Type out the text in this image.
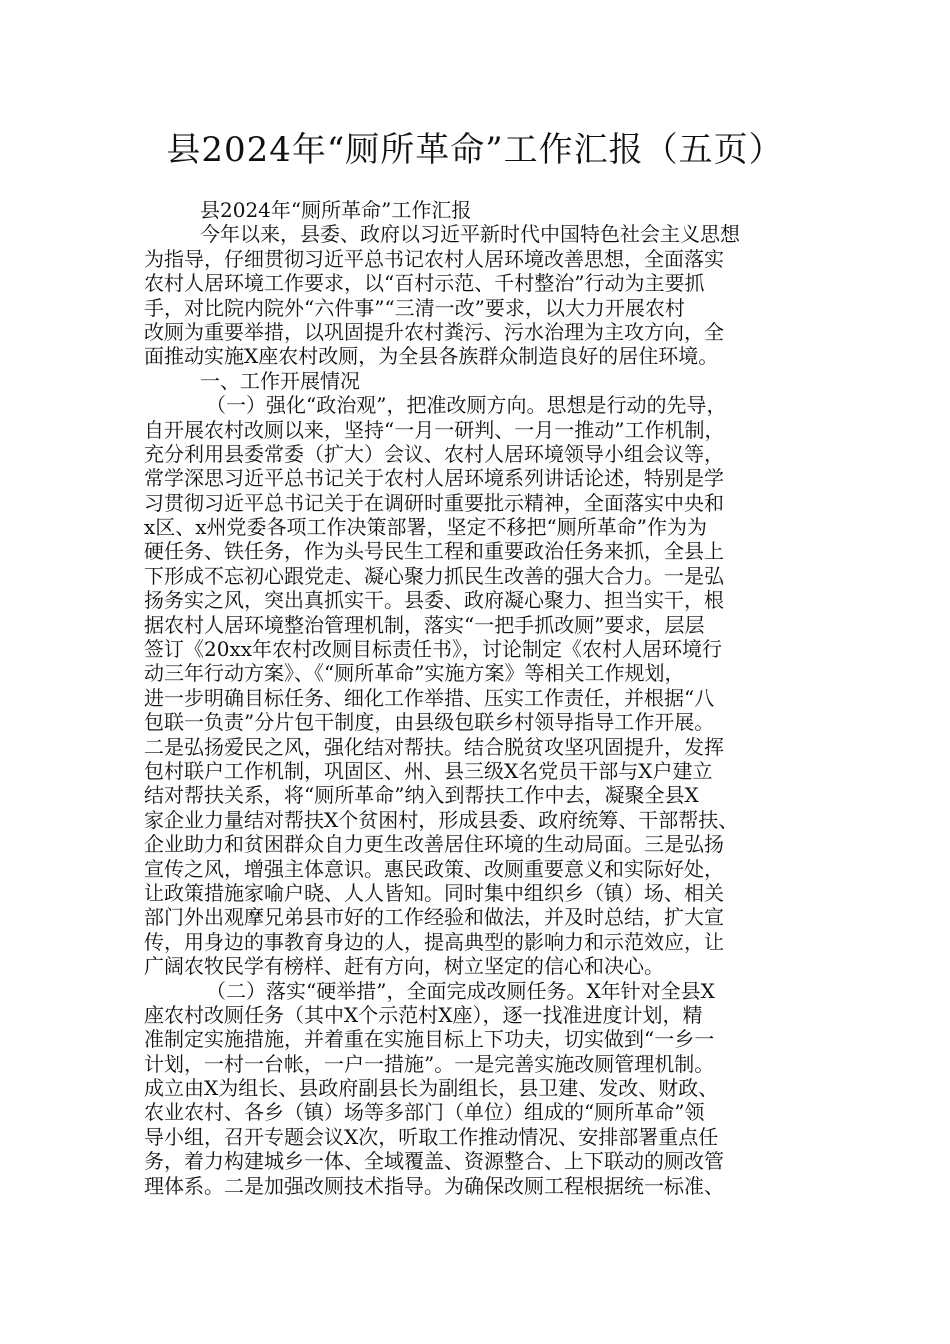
县2024年“厕所革命”工作汇报（五页）
县2024年“厕所革命”工作汇报
今年以来，县委、政府以习近平新时代中国特色社会主义思想
为指导，仔细贯彻习近平总书记农村人居环境改善思想，全面落实
农村人居环境工作要求，以“百村示范、千村整治”行动为主要抓
手，对比院内院外“六件事”“三清一改”要求，以大力开展农村
改厕为重要举措，以巩固提升农村粪污、污水治理为主攻方向，全
面推动实施X座农村改厕，为全县各族群众制造良好的居住环境。
一、工作开展情况
（一）强化“政治观”，把准改厕方向。思想是行动的先导，
自开展农村改厕以来，坚持“一月一研判、一月一推动”工作机制，
充分利用县委常委（扩大）会议、农村人居环境领导小组会议等，
常学深思习近平总书记关于农村人居环境系列讲话论述，特别是学
习贯彻习近平总书记关于在调研时重要批示精神，全面落实中央和
x区、x州党委各项工作决策部署，坚定不移把“厕所革命”作为为
硬任务、铁任务，作为头号民生工程和重要政治任务来抓，全县上
下形成不忘初心跟党走、凝心聚力抓民生改善的强大合力。一是弘
扬务实之风，突出真抓实干。县委、政府凝心聚力、担当实干，根
据农村人居环境整治管理机制，落实“一把手抓改厕”要求，层层
签订《20xx年农村改厕目标责任书》，讨论制定《农村人居环境行
动三年行动方案》、《“厕所革命”实施方案》等相关工作规划，
进一步明确目标任务、细化工作举措、压实工作责任，并根据“八
包联一负责”分片包干制度，由县级包联乡村领导指导工作开展。
二是弘扬爱民之风，强化结对帮扶。结合脱贫攻坚巩固提升，发挥
包村联户工作机制，巩固区、州、县三级X名党员干部与X户建立
结对帮扶关系，将“厕所革命”纳入到帮扶工作中去，凝聚全县X
家企业力量结对帮扶X个贫困村，形成县委、政府统筹、干部帮扶、
企业助力和贫困群众自力更生改善居住环境的生动局面。三是弘扬
宣传之风，增强主体意识。惠民政策、改厕重要意义和实际好处，
让政策措施家喻户晓、人人皆知。同时集中组织乡（镇）场、相关
部门外出观摩兄弟县市好的工作经验和做法，并及时总结，扩大宣
传，用身边的事教育身边的人，提高典型的影响力和示范效应，让
广阔农牧民学有榜样、赶有方向，树立坚定的信心和决心。
（二）落实“硬举措”，全面完成改厕任务。X年针对全县X
座农村改厕任务（其中X个示范村X座），逐一找准进度计划，精
准制定实施措施，并着重在实施目标上下功夫，切实做到“一乡一
计划，一村一台帐，一户一措施”。一是完善实施改厕管理机制。
成立由X为组长、县政府副县长为副组长，县卫建、发改、财政、
农业农村、各乡（镇）场等多部门（单位）组成的“厕所革命”领
导小组，召开专题会议X次，听取工作推动情况、安排部署重点任
务，着力构建城乡一体、全域覆盖、资源整合、上下联动的厕改管
理体系。二是加强改厕技术指导。为确保改厕工程根据统一标准、
